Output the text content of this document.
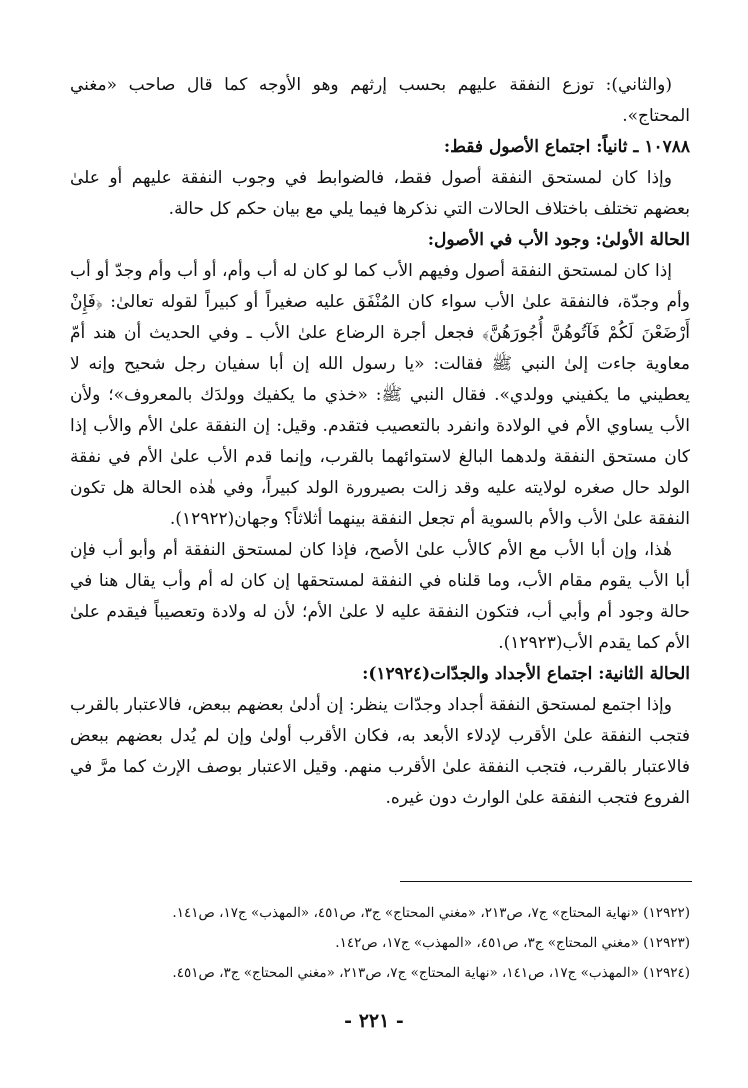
(والثاني): توزع النفقة عليهم بحسب إرثهم وهو الأوجه كما قال صاحب «مغني المحتاج».

١٠٧٨٨ ـ ثانياً: اجتماع الأصول فقط:

وإذا كان لمستحق النفقة أصول فقط، فالضوابط في وجوب النفقة عليهم أو علىٰ بعضهم تختلف باختلاف الحالات التي نذكرها فيما يلي مع بيان حكم كل حالة.

الحالة الأولىٰ: وجود الأب في الأصول:

إذا كان لمستحق النفقة أصول وفيهم الأب كما لو كان له أب وأم، أو أب وأم وجدّ أو أب وأم وجدّة، فالنفقة علىٰ الأب سواء كان المُنْفَق عليه صغيراً أو كبيراً لقوله تعالىٰ: ﴿فَإِنْ أَرْضَعْنَ لَكُمْ فَآتُوهُنَّ أُجُورَهُنَّ﴾ فجعل أجرة الرضاع علىٰ الأب ـ وفي الحديث أن هند أمّ معاوية جاءت إلىٰ النبي ﷺ فقالت: «يا رسول الله إن أبا سفيان رجل شحيح وإنه لا يعطيني ما يكفيني وولدي». فقال النبي ﷺ: «خذي ما يكفيك وولدَك بالمعروف»؛ ولأن الأب يساوي الأم في الولادة وانفرد بالتعصيب فتقدم. وقيل: إن النفقة علىٰ الأم والأب إذا كان مستحق النفقة ولدهما البالغ لاستوائهما بالقرب، وإنما قدم الأب علىٰ الأم في نفقة الولد حال صغره لولايته عليه وقد زالت بصيرورة الولد كبيراً، وفي هٰذه الحالة هل تكون النفقة علىٰ الأب والأم بالسوية أم تجعل النفقة بينهما أثلاثاً؟ وجهان(١٢٩٢٢).

هٰذا، وإن أبا الأب مع الأم كالأب علىٰ الأصح، فإذا كان لمستحق النفقة أم وأبو أب فإن أبا الأب يقوم مقام الأب، وما قلناه في النفقة لمستحقها إن كان له أم وأب يقال هنا في حالة وجود أم وأبي أب، فتكون النفقة عليه لا علىٰ الأم؛ لأن له ولادة وتعصيباً فيقدم علىٰ الأم كما يقدم الأب(١٢٩٢٣).

الحالة الثانية: اجتماع الأجداد والجدّات(١٢٩٢٤):

وإذا اجتمع لمستحق النفقة أجداد وجدّات ينظر: إن أدلىٰ بعضهم ببعض، فالاعتبار بالقرب فتجب النفقة علىٰ الأقرب لإدلاء الأبعد به، فكان الأقرب أولىٰ وإن لم يُدل بعضهم ببعض فالاعتبار بالقرب، فتجب النفقة علىٰ الأقرب منهم. وقيل الاعتبار بوصف الإرث كما مرَّ في الفروع فتجب النفقة علىٰ الوارث دون غيره.

(١٢٩٢٢) «نهاية المحتاج» ج٧، ص٢١٣، «مغني المحتاج» ج٣، ص٤٥١، «المهذب» ج١٧، ص١٤١.
(١٢٩٢٣) «مغني المحتاج» ج٣، ص٤٥١، «المهذب» ج١٧، ص١٤٢.
(١٢٩٢٤) «المهذب» ج١٧، ص١٤١، «نهاية المحتاج» ج٧، ص٢١٣، «مغني المحتاج» ج٣، ص٤٥١.
- ٢٢١ -
